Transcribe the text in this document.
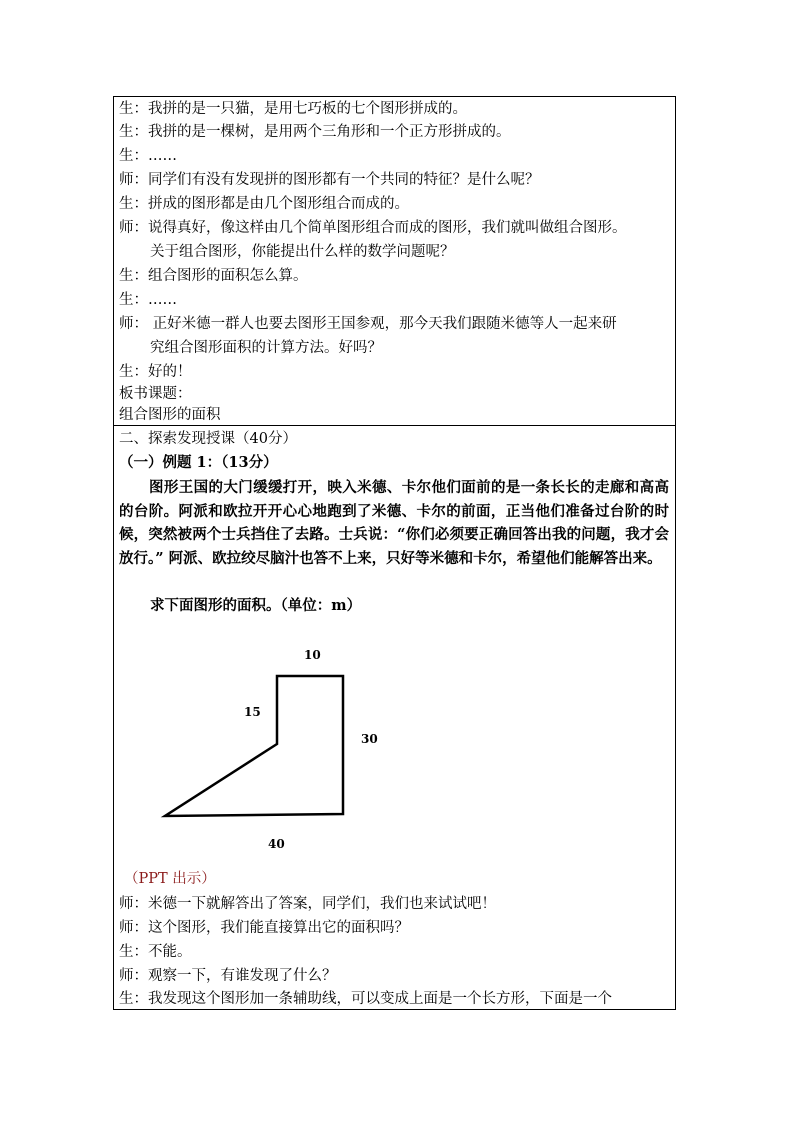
生：我拼的是一只猫，是用七巧板的七个图形拼成的。
生：我拼的是一棵树，是用两个三角形和一个正方形拼成的。
生：……
师：同学们有没有发现拼的图形都有一个共同的特征？是什么呢？
生：拼成的图形都是由几个图形组合而成的。
师：说得真好，像这样由几个简单图形组合而成的图形，我们就叫做组合图形。
关于组合图形，你能提出什么样的数学问题呢？
生：组合图形的面积怎么算。
生：……
师： 正好米德一群人也要去图形王国参观，那今天我们跟随米德等人一起来研
究组合图形面积的计算方法。好吗？
生：好的！
板书课题：
组合图形的面积
二、探索发现授课（40分）
（一）例题 1：（13分）
图形王国的大门缓缓打开，映入米德、卡尔他们面前的是一条长长的走廊和高高的台阶。阿派和欧拉开开心心地跑到了米德、卡尔的前面，正当他们准备过台阶的时候，突然被两个士兵挡住了去路。士兵说：“你们必须要正确回答出我的问题，我才会放行。” 阿派、欧拉绞尽脑汁也答不上来，只好等米德和卡尔，希望他们能解答出来。
求下面图形的面积。（单位：m）
10
15
30
40
（PPT 出示）
师：米德一下就解答出了答案，同学们，我们也来试试吧！
师：这个图形，我们能直接算出它的面积吗？
生：不能。
师：观察一下，有谁发现了什么？
生：我发现这个图形加一条辅助线，可以变成上面是一个长方形，下面是一个
